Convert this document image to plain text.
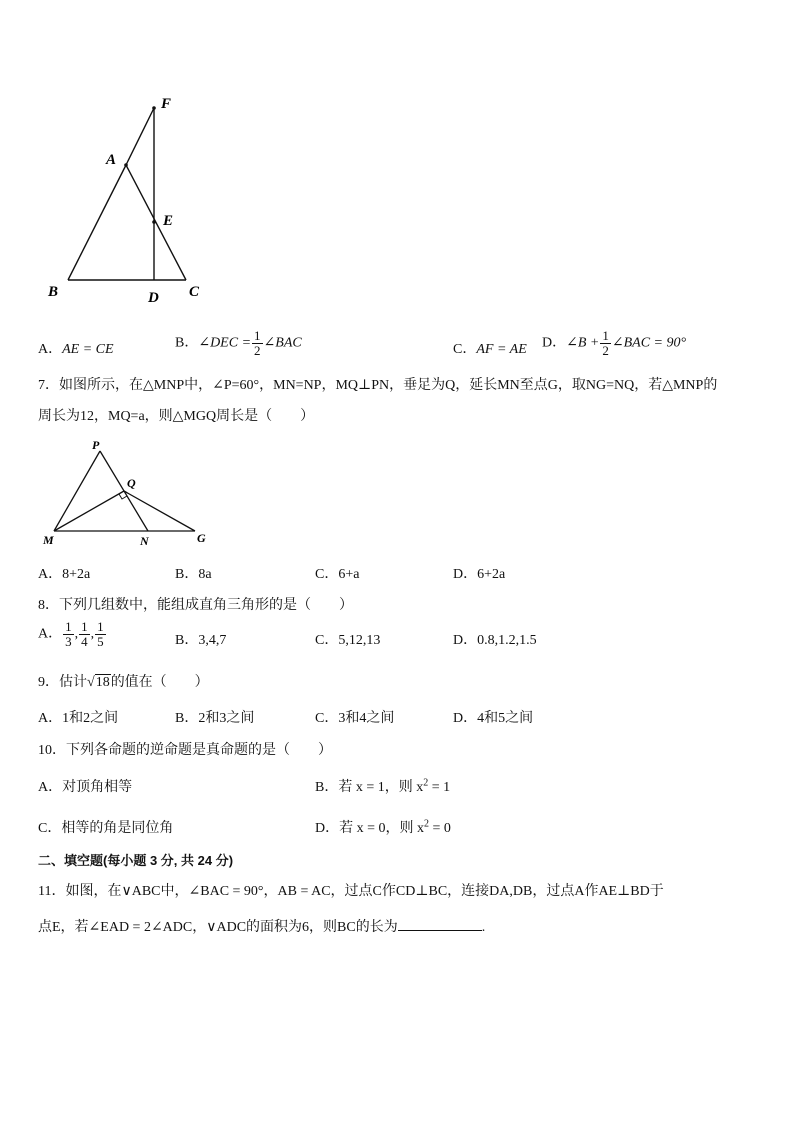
F
A
E
B	D C
A．AE = CE	B．∠DEC = $\frac{1}{2}$ ∠BAC	C．AF = AE D．∠B + $\frac{1}{2}$ ∠BAC = 90°
7．如图所示，在△MNP中，∠P=60°，MN=NP，MQ⊥PN，垂足为Q，延长MN至点G，取NG=NQ，若△MNP的
周长为12，MQ=a，则△MGQ周长是（　　）
P
Q
M	N	G
A．8+2a	B．8a	C．6+a	D．6+2a
8．下列几组数中，能组成直角三角形的是（　　）
A． $\frac{1}{3}$ , $\frac{1}{4}$ , $\frac{1}{5}$	B．3,4,7	C．5,12,13	D．0.8,1.2,1.5
9．估计√18的值在（　　）
A．1和2之间	B．2和3之间	C．3和4之间	D．4和5之间
10．下列各命题的逆命题是真命题的是（　　）
A．对顶角相等	B．若 x = 1，则 $x^2 = 1$
C．相等的角是同位角	D．若 x = 0，则 $x^2 = 0$
二、填空题(每小题 3 分, 共 24 分)
11．如图，在∨ABC中，∠BAC = 90°，AB = AC，过点C作CD⊥BC，连接DA,DB，过点A作AE⊥BD于
点E，若∠EAD = 2∠ADC，∨ADC的面积为6，则BC的长为	.
